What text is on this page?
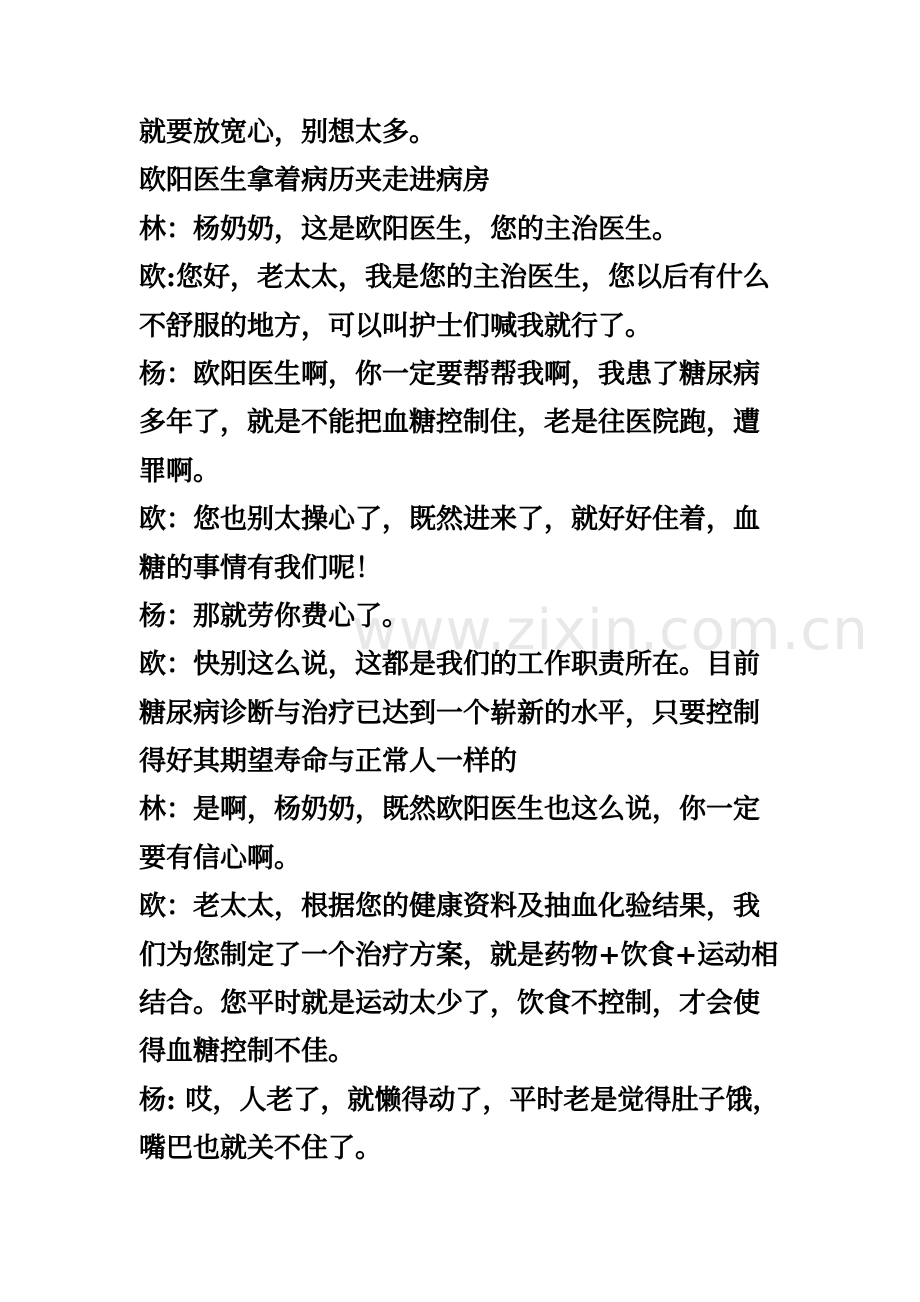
www.zixin.com.cn

就要放宽心，别想太多。

欧阳医生拿着病历夹走进病房

林：杨奶奶，这是欧阳医生，您的主治医生。

欧:您好，老太太，我是您的主治医生，您以后有什么
不舒服的地方，可以叫护士们喊我就行了。

杨：欧阳医生啊，你一定要帮帮我啊，我患了糖尿病
多年了，就是不能把血糖控制住，老是往医院跑，遭
罪啊。

欧：您也别太操心了，既然进来了，就好好住着，血
糖的事情有我们呢！

杨：那就劳你费心了。

欧：快别这么说，这都是我们的工作职责所在。目前
糖尿病诊断与治疗已达到一个崭新的水平，只要控制
得好其期望寿命与正常人一样的

林：是啊，杨奶奶，既然欧阳医生也这么说，你一定
要有信心啊。

欧：老太太，根据您的健康资料及抽血化验结果，我
们为您制定了一个治疗方案，就是药物+饮食+运动相
结合。您平时就是运动太少了，饮食不控制，才会使
得血糖控制不佳。

杨: 哎，人老了，就懒得动了，平时老是觉得肚子饿，
嘴巴也就关不住了。
